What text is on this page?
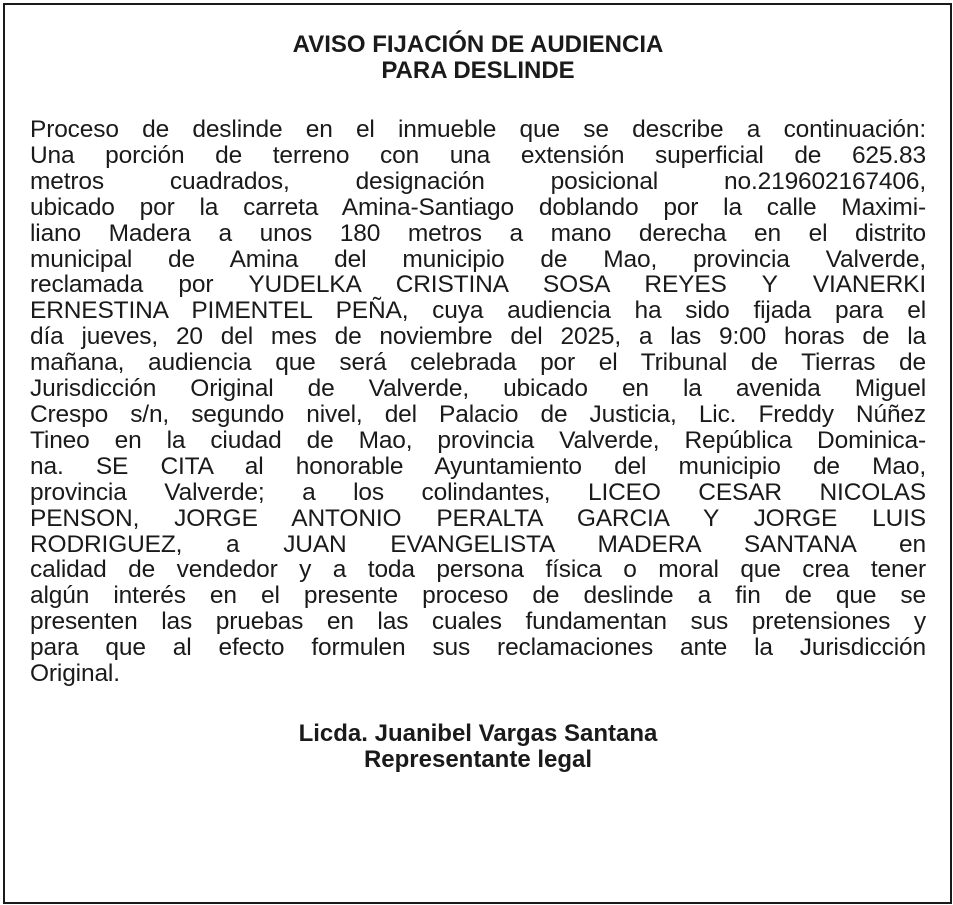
AVISO FIJACIÓN DE AUDIENCIA
PARA DESLINDE
Proceso de deslinde en el inmueble que se describe a continuación:
Una porción de terreno con una extensión superficial de 625.83
metros cuadrados, designación posicional no.219602167406,
ubicado por la carreta Amina-Santiago doblando por la calle Maximi-
liano Madera a unos 180 metros a mano derecha en el distrito
municipal de Amina del municipio de Mao, provincia Valverde,
reclamada por YUDELKA CRISTINA SOSA REYES Y VIANERKI
ERNESTINA PIMENTEL PEÑA, cuya audiencia ha sido fijada para el
día jueves, 20 del mes de noviembre del 2025, a las 9:00 horas de la
mañana, audiencia que será celebrada por el Tribunal de Tierras de
Jurisdicción Original de Valverde, ubicado en la avenida Miguel
Crespo s/n, segundo nivel, del Palacio de Justicia, Lic. Freddy Núñez
Tineo en la ciudad de Mao, provincia Valverde, República Dominica-
na. SE CITA al honorable Ayuntamiento del municipio de Mao,
provincia Valverde; a los colindantes, LICEO CESAR NICOLAS
PENSON, JORGE ANTONIO PERALTA GARCIA Y JORGE LUIS
RODRIGUEZ, a JUAN EVANGELISTA MADERA SANTANA en
calidad de vendedor y a toda persona física o moral que crea tener
algún interés en el presente proceso de deslinde a fin de que se
presenten las pruebas en las cuales fundamentan sus pretensiones y
para que al efecto formulen sus reclamaciones ante la Jurisdicción
Original.
Licda. Juanibel Vargas Santana
Representante legal
